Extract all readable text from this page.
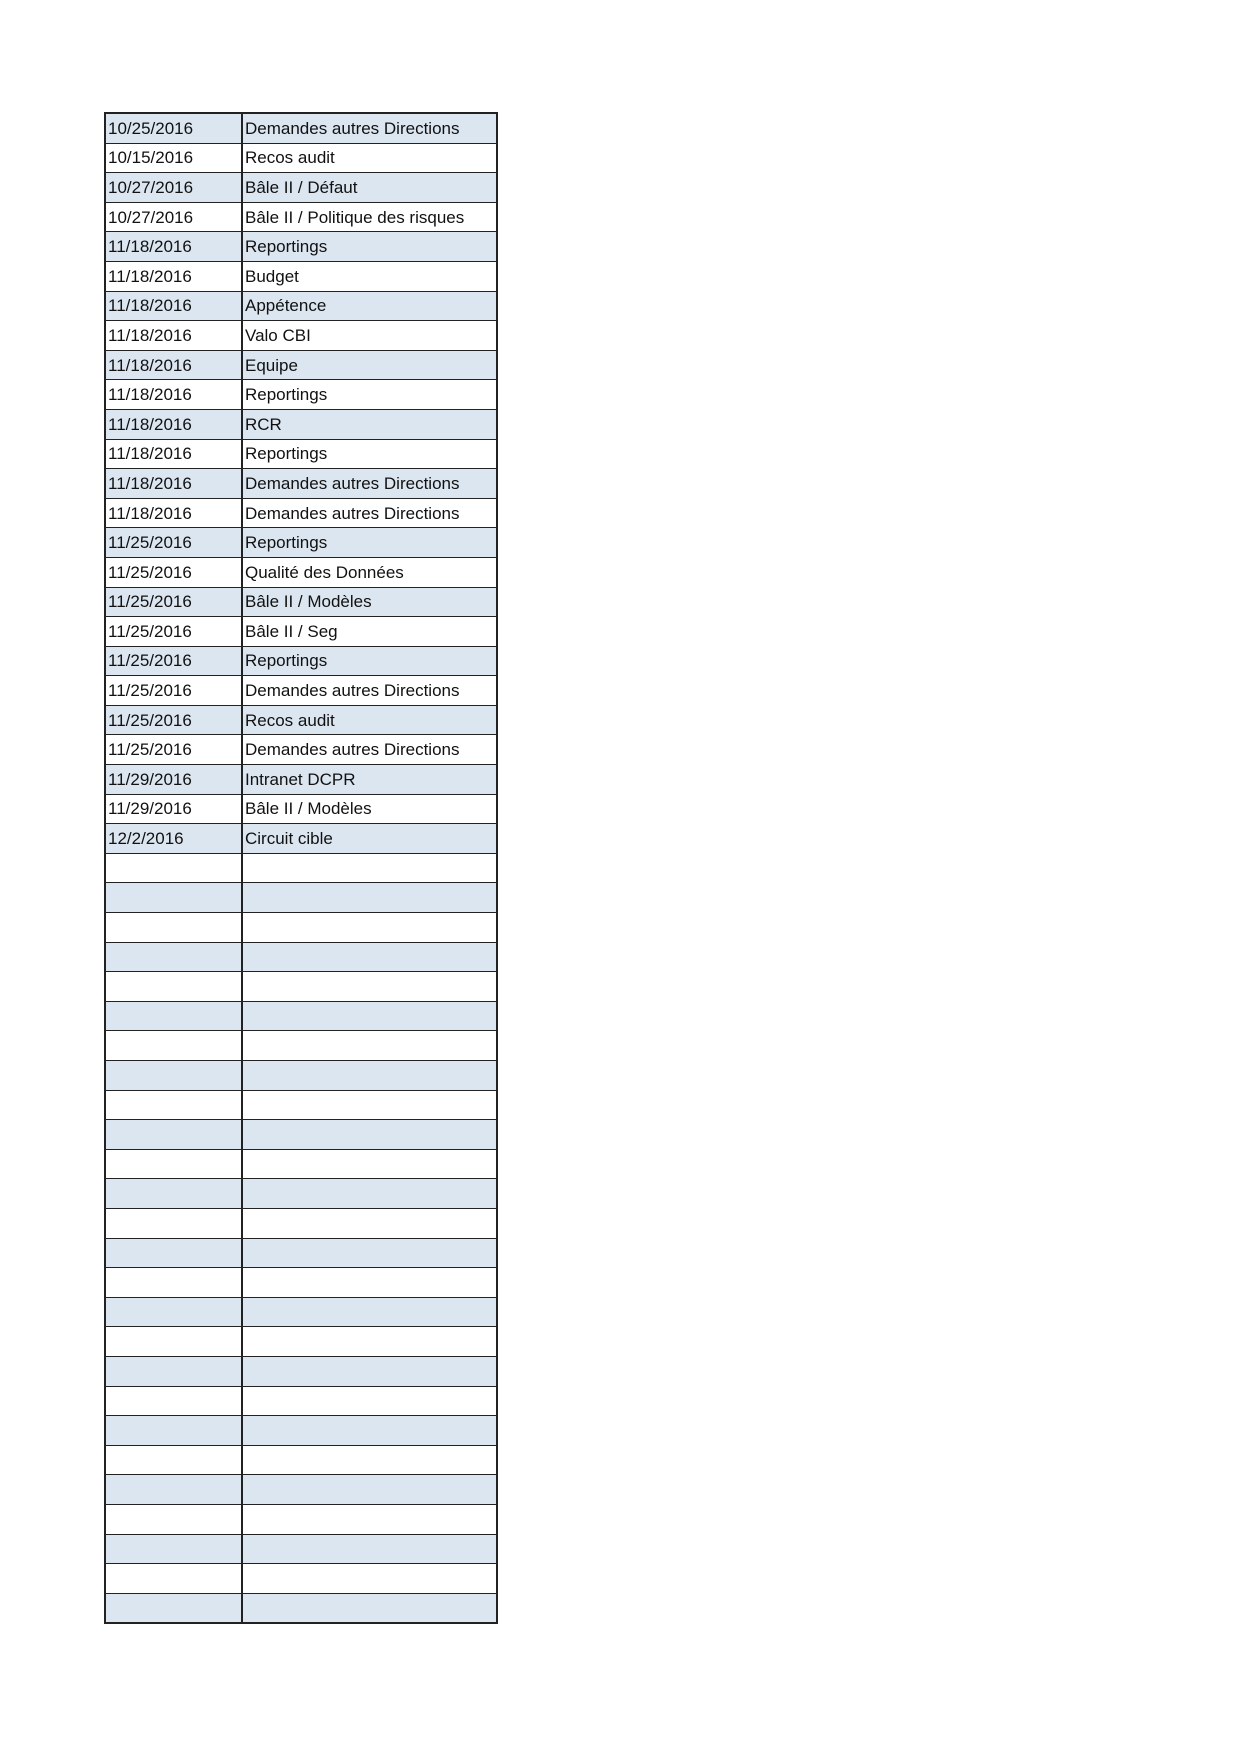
10/25/2016	Demandes autres Directions
10/15/2016	Recos audit
10/27/2016	Bâle II / Défaut
10/27/2016	Bâle II / Politique des risques
11/18/2016	Reportings
11/18/2016	Budget
11/18/2016	Appétence
11/18/2016	Valo CBI
11/18/2016	Equipe
11/18/2016	Reportings
11/18/2016	RCR
11/18/2016	Reportings
11/18/2016	Demandes autres Directions
11/18/2016	Demandes autres Directions
11/25/2016	Reportings
11/25/2016	Qualité des Données
11/25/2016	Bâle II / Modèles
11/25/2016	Bâle II / Seg
11/25/2016	Reportings
11/25/2016	Demandes autres Directions
11/25/2016	Recos audit
11/25/2016	Demandes autres Directions
11/29/2016	Intranet DCPR
11/29/2016	Bâle II / Modèles
12/2/2016	Circuit cible
